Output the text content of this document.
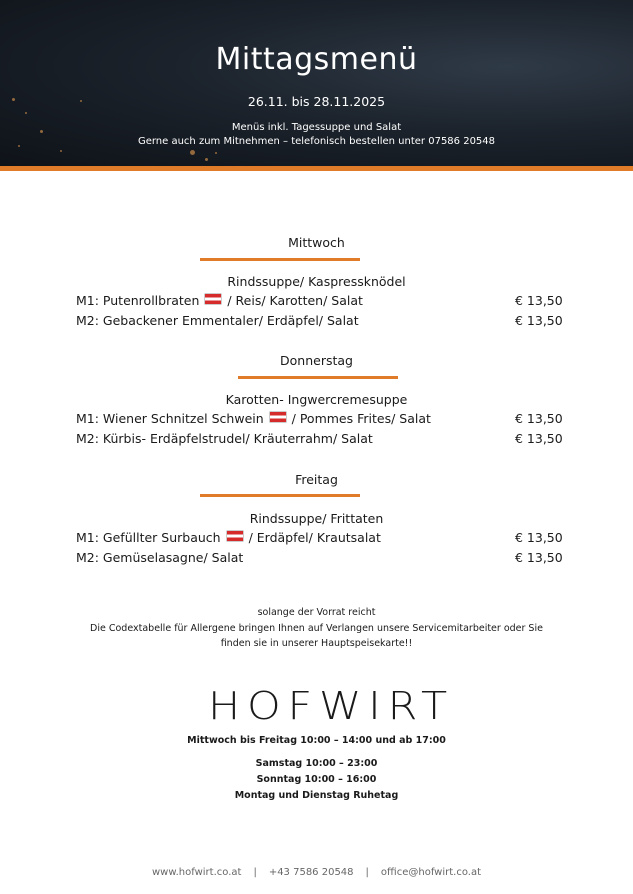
Mittagsmenü
26.11. bis 28.11.2025
Menüs inkl. Tagessuppe und Salat
Gerne auch zum Mitnehmen – telefonisch bestellen unter 07586 20548
Mittwoch
Rindssuppe/ Kaspressknödel
M1: Putenrollbraten / Reis/ Karotten/ Salat	€ 13,50
M2: Gebackener Emmentaler/ Erdäpfel/ Salat	€ 13,50
Donnerstag
Karotten- Ingwercremesuppe
M1: Wiener Schnitzel Schwein / Pommes Frites/ Salat	€ 13,50
M2: Kürbis- Erdäpfelstrudel/ Kräuterrahm/ Salat	€ 13,50
Freitag
Rindssuppe/ Frittaten
M1: Gefüllter Surbauch / Erdäpfel/ Krautsalat	€ 13,50
M2: Gemüselasagne/ Salat	€ 13,50
solange der Vorrat reicht
Die Codextabelle für Allergene bringen Ihnen auf Verlangen unsere Servicemitarbeiter oder Sie
finden sie in unserer Hauptspeisekarte!!
HOFWIRT
Mittwoch bis Freitag 10:00 – 14:00 und ab 17:00
Samstag 10:00 – 23:00
Sonntag 10:00 – 16:00
Montag und Dienstag Ruhetag
www.hofwirt.co.at | +43 7586 20548 | office@hofwirt.co.at
